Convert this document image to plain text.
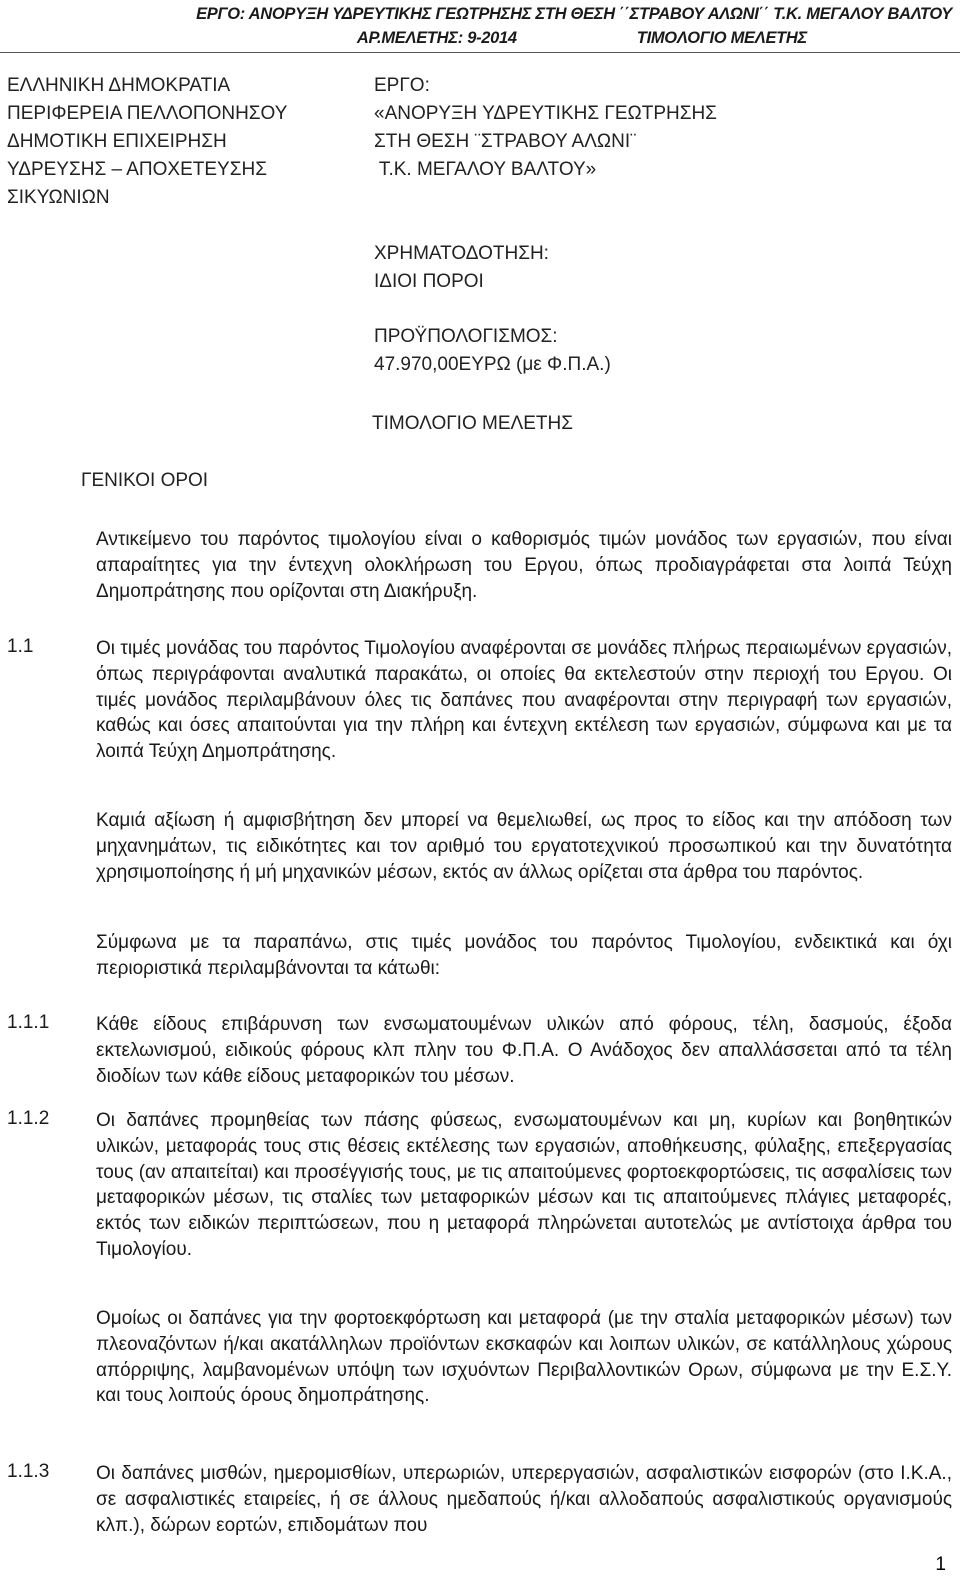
ΕΡΓΟ: ΑΝΟΡΥΞΗ ΥΔΡΕΥΤΙΚΗΣ ΓΕΩΤΡΗΣΗΣ ΣΤΗ ΘΕΣΗ ΄΄ΣΤΡΑΒΟΥ ΑΛΩΝΙ΄΄ Τ.Κ. ΜΕΓΑΛΟΥ ΒΑΛΤΟΥ
ΑΡ.ΜΕΛΕΤΗΣ: 9-2014	ΤΙΜΟΛΟΓΙΟ ΜΕΛΕΤΗΣ
ΕΛΛΗΝΙΚΗ ΔΗΜΟΚΡΑΤΙΑ
ΠΕΡΙΦΕΡΕΙΑ ΠΕΛΛΟΠΟΝΗΣΟΥ
ΔΗΜΟΤΙΚΗ ΕΠΙΧΕΙΡΗΣΗ
ΥΔΡΕΥΣΗΣ – ΑΠΟΧΕΤΕΥΣΗΣ
ΣΙΚΥΩΝΙΩΝ
ΕΡΓΟ:
«ΑΝΟΡΥΞΗ ΥΔΡΕΥΤΙΚΗΣ ΓΕΩΤΡΗΣΗΣ
ΣΤΗ ΘΕΣΗ ¨ΣΤΡΑΒΟΥ ΑΛΩΝΙ¨
Τ.Κ. ΜΕΓΑΛΟΥ ΒΑΛΤΟΥ»
ΧΡΗΜΑΤΟΔΟΤΗΣΗ:
ΙΔΙΟΙ ΠΟΡΟΙ
ΠΡΟΫΠΟΛΟΓΙΣΜΟΣ:
47.970,00ΕΥΡΩ (με Φ.Π.Α.)
ΤΙΜΟΛΟΓΙΟ ΜΕΛΕΤΗΣ
ΓΕΝΙΚΟΙ ΟΡΟΙ

Αντικείμενο του παρόντος τιμολογίου είναι ο καθορισμός τιμών μονάδος των εργασιών, που είναι απαραίτητες για την έντεχνη ολοκλήρωση του Εργου, όπως προδιαγράφεται στα λοιπά Τεύχη Δημοπράτησης που ορίζονται στη Διακήρυξη.

1.1	Οι τιμές μονάδας του παρόντος Τιμολογίου αναφέρονται σε μονάδες πλήρως περαιωμένων εργασιών, όπως περιγράφονται αναλυτικά παρακάτω, οι οποίες θα εκτελεστούν στην περιοχή του Εργου. Οι τιμές μονάδος περιλαμβάνουν όλες τις δαπάνες που αναφέρονται στην περιγραφή των εργασιών, καθώς και όσες απαιτούνται για την πλήρη και έντεχνη εκτέλεση των εργασιών, σύμφωνα και με τα λοιπά Τεύχη Δημοπράτησης.

Καμιά αξίωση ή αμφισβήτηση δεν μπορεί να θεμελιωθεί, ως προς το είδος και την απόδοση των μηχανημάτων, τις ειδικότητες και τον αριθμό του εργατοτεχνικού προσωπικού και την δυνατότητα χρησιμοποίησης ή μή μηχανικών μέσων, εκτός αν άλλως ορίζεται στα άρθρα του παρόντος.

Σύμφωνα με τα παραπάνω, στις τιμές μονάδος του παρόντος Τιμολογίου, ενδεικτικά και όχι περιοριστικά περιλαμβάνονται τα κάτωθι:

1.1.1 Κάθε είδους επιβάρυνση των ενσωματουμένων υλικών από φόρους, τέλη, δασμούς, έξοδα εκτελωνισμού, ειδικούς φόρους κλπ πλην του Φ.Π.Α. Ο Ανάδοχος δεν απαλλάσσεται από τα τέλη διοδίων των κάθε είδους μεταφορικών του μέσων.

1.1.2 Οι δαπάνες προμηθείας των πάσης φύσεως, ενσωματουμένων και μη, κυρίων και βοηθητικών υλικών, μεταφοράς τους στις θέσεις εκτέλεσης των εργασιών, αποθήκευσης, φύλαξης, επεξεργασίας τους (αν απαιτείται) και προσέγγισής τους, με τις απαιτούμενες φορτοεκφορτώσεις, τις ασφαλίσεις των μεταφορικών μέσων, τις σταλίες των μεταφορικών μέσων και τις απαιτούμενες πλάγιες μεταφορές, εκτός των ειδικών περιπτώσεων, που η μεταφορά πληρώνεται αυτοτελώς με αντίστοιχα άρθρα του Τιμολογίου.

Ομοίως οι δαπάνες για την φορτοεκφόρτωση και μεταφορά (με την σταλία μεταφορικών μέσων) των πλεοναζόντων ή/και ακατάλληλων προϊόντων εκσκαφών και λοιπων υλικών, σε κατάλληλους χώρους απόρριψης, λαμβανομένων υπόψη των ισχυόντων Περιβαλλοντικών Ορων, σύμφωνα με την Ε.Σ.Υ. και τους λοιπούς όρους δημοπράτησης.

1.1.3 Οι δαπάνες μισθών, ημερομισθίων, υπερωριών, υπερεργασιών, ασφαλιστικών εισφορών (στο Ι.Κ.Α., σε ασφαλιστικές εταιρείες, ή σε άλλους ημεδαπούς ή/και αλλοδαπούς ασφαλιστικούς οργανισμούς κλπ.), δώρων εορτών, επιδομάτων που

1
